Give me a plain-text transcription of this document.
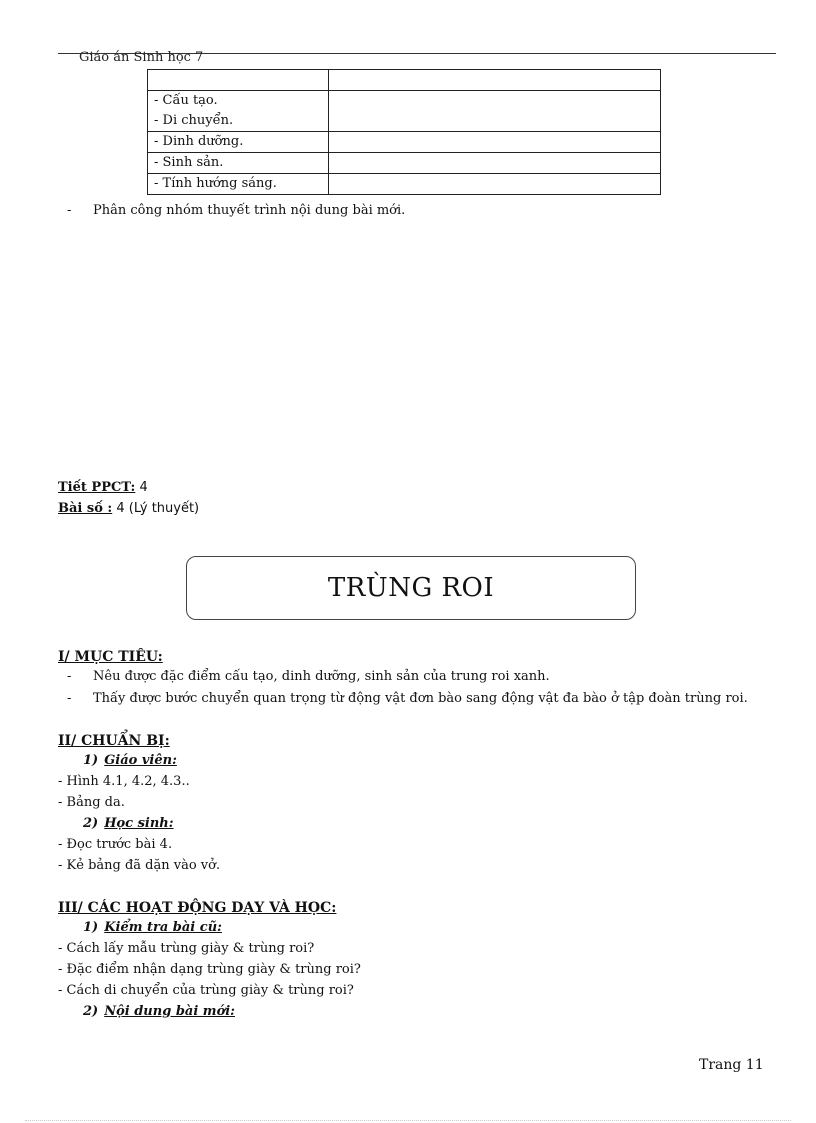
Giáo án Sinh học 7

- Cấu tạo.
- Di chuyển.	
- Dinh dưỡng.	
- Sinh sản.	
- Tính hướng sáng.	
- Phân công nhóm thuyết trình nội dung bài mới.
Tiết PPCT: 4
Bài số : 4 (Lý thuyết)
TRÙNG ROI
I/ MỤC TIÊU:
- Nêu được đặc điểm cấu tạo, dinh dưỡng, sinh sản của trung roi xanh.
- Thấy được bước chuyển quan trọng từ động vật đơn bào sang động vật đa bào ở tập đoàn trùng roi.
II/ CHUẨN BỊ:
1) Giáo viên:
- Hình 4.1, 4.2, 4.3..
- Bảng da.
2) Học sinh:
- Đọc trước bài 4.
- Kẻ bảng đã dặn vào vở.
III/ CÁC HOẠT ĐỘNG DẠY VÀ HỌC:
1) Kiểm tra bài cũ:
- Cách lấy mẫu trùng giày & trùng roi?
- Đặc điểm nhận dạng trùng giày & trùng roi?
- Cách di chuyển của trùng giày & trùng roi?
2) Nội dung bài mới:
Trang 11
